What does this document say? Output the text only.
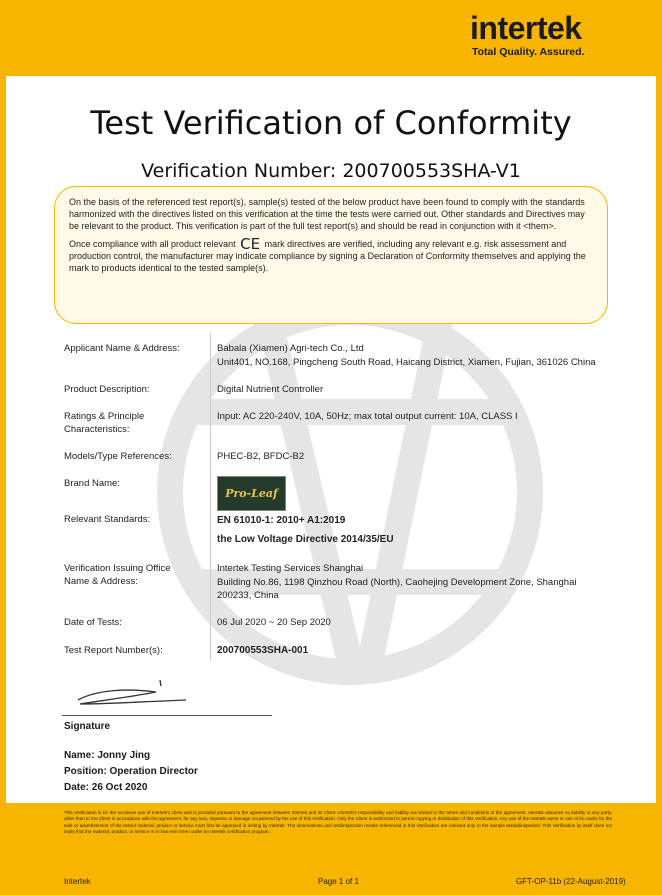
intertek
Total Quality. Assured.
Test Verification of Conformity
Verification Number: 200700553SHA-V1

On the basis of the referenced test report(s), sample(s) tested of the below product have been found to comply with the standards harmonized with the directives listed on this verification at the time the tests were carried out. Other standards and Directives may be relevant to the product. This verification is part of the full test report(s) and should be read in conjunction with it <them>.

Once compliance with all product relevant CE mark directives are verified, including any relevant e.g. risk assessment and production control, the manufacturer may indicate compliance by signing a Declaration of Conformity themselves and applying the mark to products identical to the tested sample(s).

Applicant Name & Address:	Babala (Xiamen) Agri-tech Co., Ltd
Unit401, NO.168, Pingcheng South Road, Haicang District, Xiamen, Fujian, 361026 China
Product Description:	Digital Nutrient Controller
Ratings & Principle Characteristics:
Input: AC 220-240V, 10A, 50Hz; max total output current: 10A, CLASS I
Models/Type References:	PHEC-B2, BFDC-B2
Brand Name:
Pro-Leaf
Relevant Standards:	EN 61010-1: 2010+ A1:2019
the Low Voltage Directive 2014/35/EU
Verification Issuing Office Name & Address:
Intertek Testing Services Shanghai
Building No.86, 1198 Qinzhou Road (North), Caohejing Development Zone, Shanghai 200233, China
Date of Tests:	06 Jul 2020 ~ 20 Sep 2020
Test Report Number(s):	200700553SHA-001
Signature
Name: Jonny Jing
Position: Operation Director
Date: 26 Oct 2020
This Verification is for the exclusive use of Intertek's client and is provided pursuant to the agreement between Intertek and its Client. Intertek's responsibility and liability are limited to the terms and conditions of the agreement. Intertek assumes no liability to any party, other than to the Client in accordance with the agreement, for any loss, expense or damage occasioned by the use of this Verification. Only the Client is authorized to permit copying or distribution of this Verification. Any use of the Intertek name or one of its marks for the sale or advertisement of the tested material, product or service must first be approved in writing by Intertek. The observations and test/inspection results referenced in this Verification are relevant only to the sample tested/inspected. This Verification by itself does not imply that the material, product, or service is or has ever been under an Intertek certification program.
Intertek	Page 1 of 1	GFT-OP-11b (22-August-2019)
